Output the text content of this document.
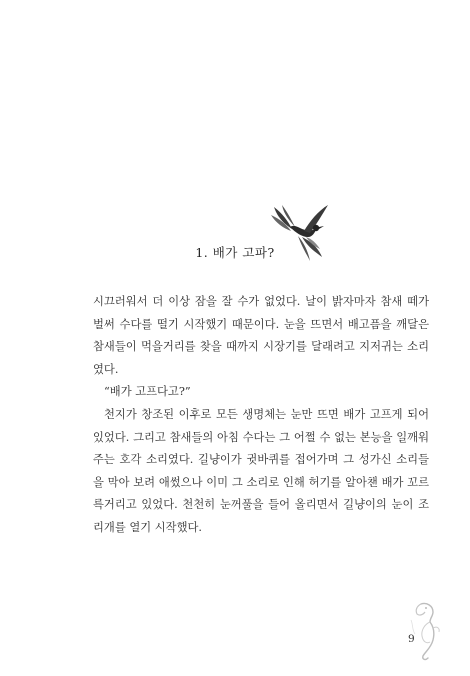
1. 배가 고파?

시끄러워서 더 이상 잠을 잘 수가 없었다. 날이 밝자마자 참새 떼가 벌써 수다를 떨기 시작했기 때문이다. 눈을 뜨면서 배고픔을 깨달은 참새들이 먹을거리를 찾을 때까지 시장기를 달래려고 지저귀는 소리였다.

“배가 고프다고?”

천지가 창조된 이후로 모든 생명체는 눈만 뜨면 배가 고프게 되어 있었다. 그리고 참새들의 아침 수다는 그 어쩔 수 없는 본능을 일깨워 주는 호각 소리였다. 길냥이가 귓바퀴를 접어가며 그 성가신 소리들을 막아 보려 애썼으나 이미 그 소리로 인해 허기를 알아챈 배가 꼬르륵거리고 있었다. 천천히 눈꺼풀을 들어 올리면서 길냥이의 눈이 조리개를 열기 시작했다.

9
